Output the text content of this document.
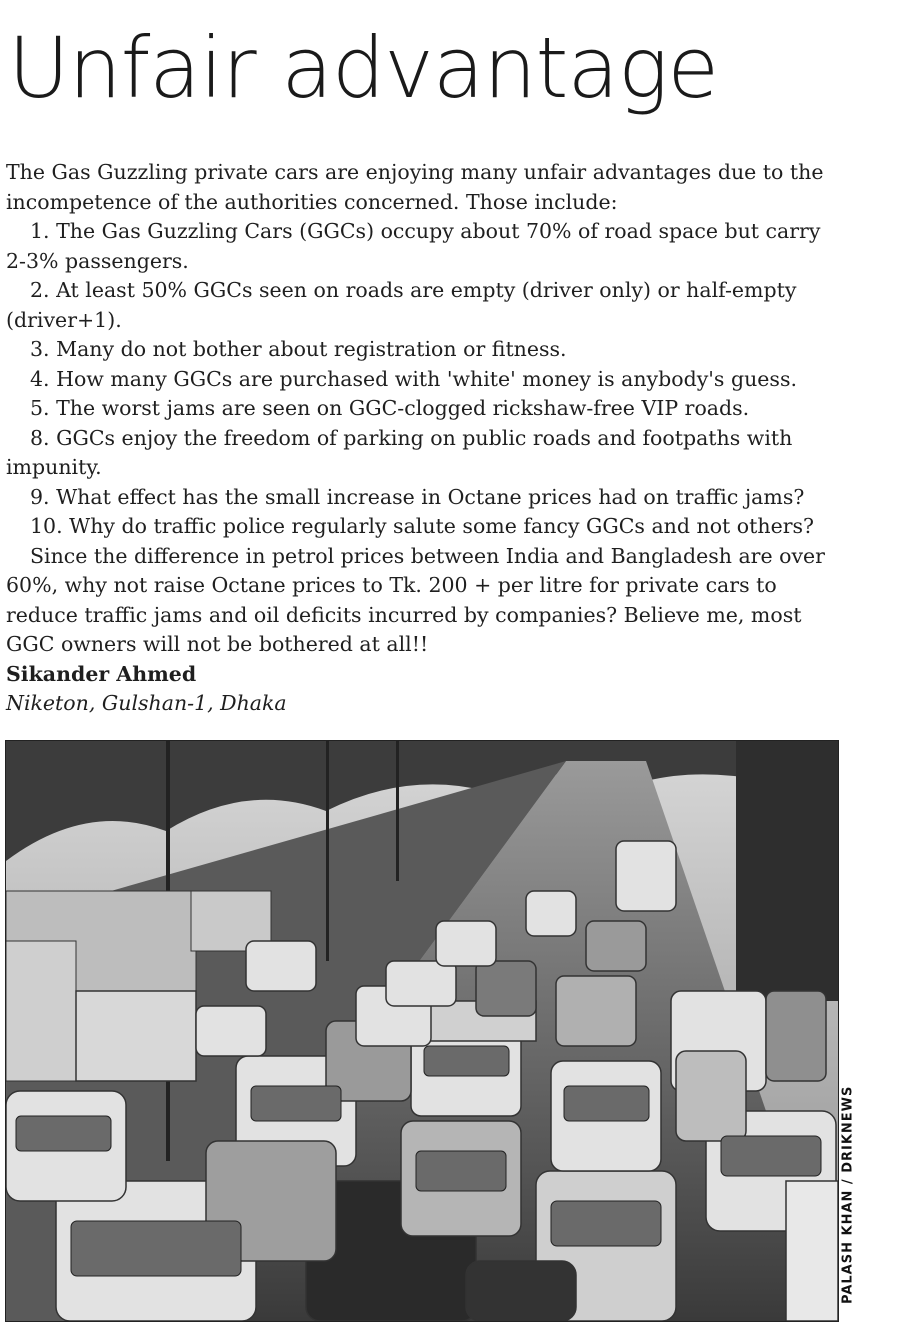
Unfair advantage

The Gas Guzzling private cars are enjoying many unfair advantages due to the incompetence of the authorities concerned. Those include:

1. The Gas Guzzling Cars (GGCs) occupy about 70% of road space but carry 2-3% passengers.

2. At least 50% GGCs seen on roads are empty (driver only) or half-empty (driver+1).

3. Many do not bother about registration or fitness.

4. How many GGCs are purchased with 'white' money is anybody's guess.

5. The worst jams are seen on GGC-clogged rickshaw-free VIP roads.

8. GGCs enjoy the freedom of parking on public roads and footpaths with impunity.

9. What effect has the small increase in Octane prices had on traffic jams?

10. Why do traffic police regularly salute some fancy GGCs and not others?

Since the difference in petrol prices between India and Bangladesh are over 60%, why not raise Octane prices to Tk. 200 + per litre for private cars to reduce traffic jams and oil deficits incurred by companies? Believe me, most GGC owners will not be bothered at all!!

Sikander Ahmed

Niketon, Gulshan-1, Dhaka

PALASH KHAN / DRIKNEWS
